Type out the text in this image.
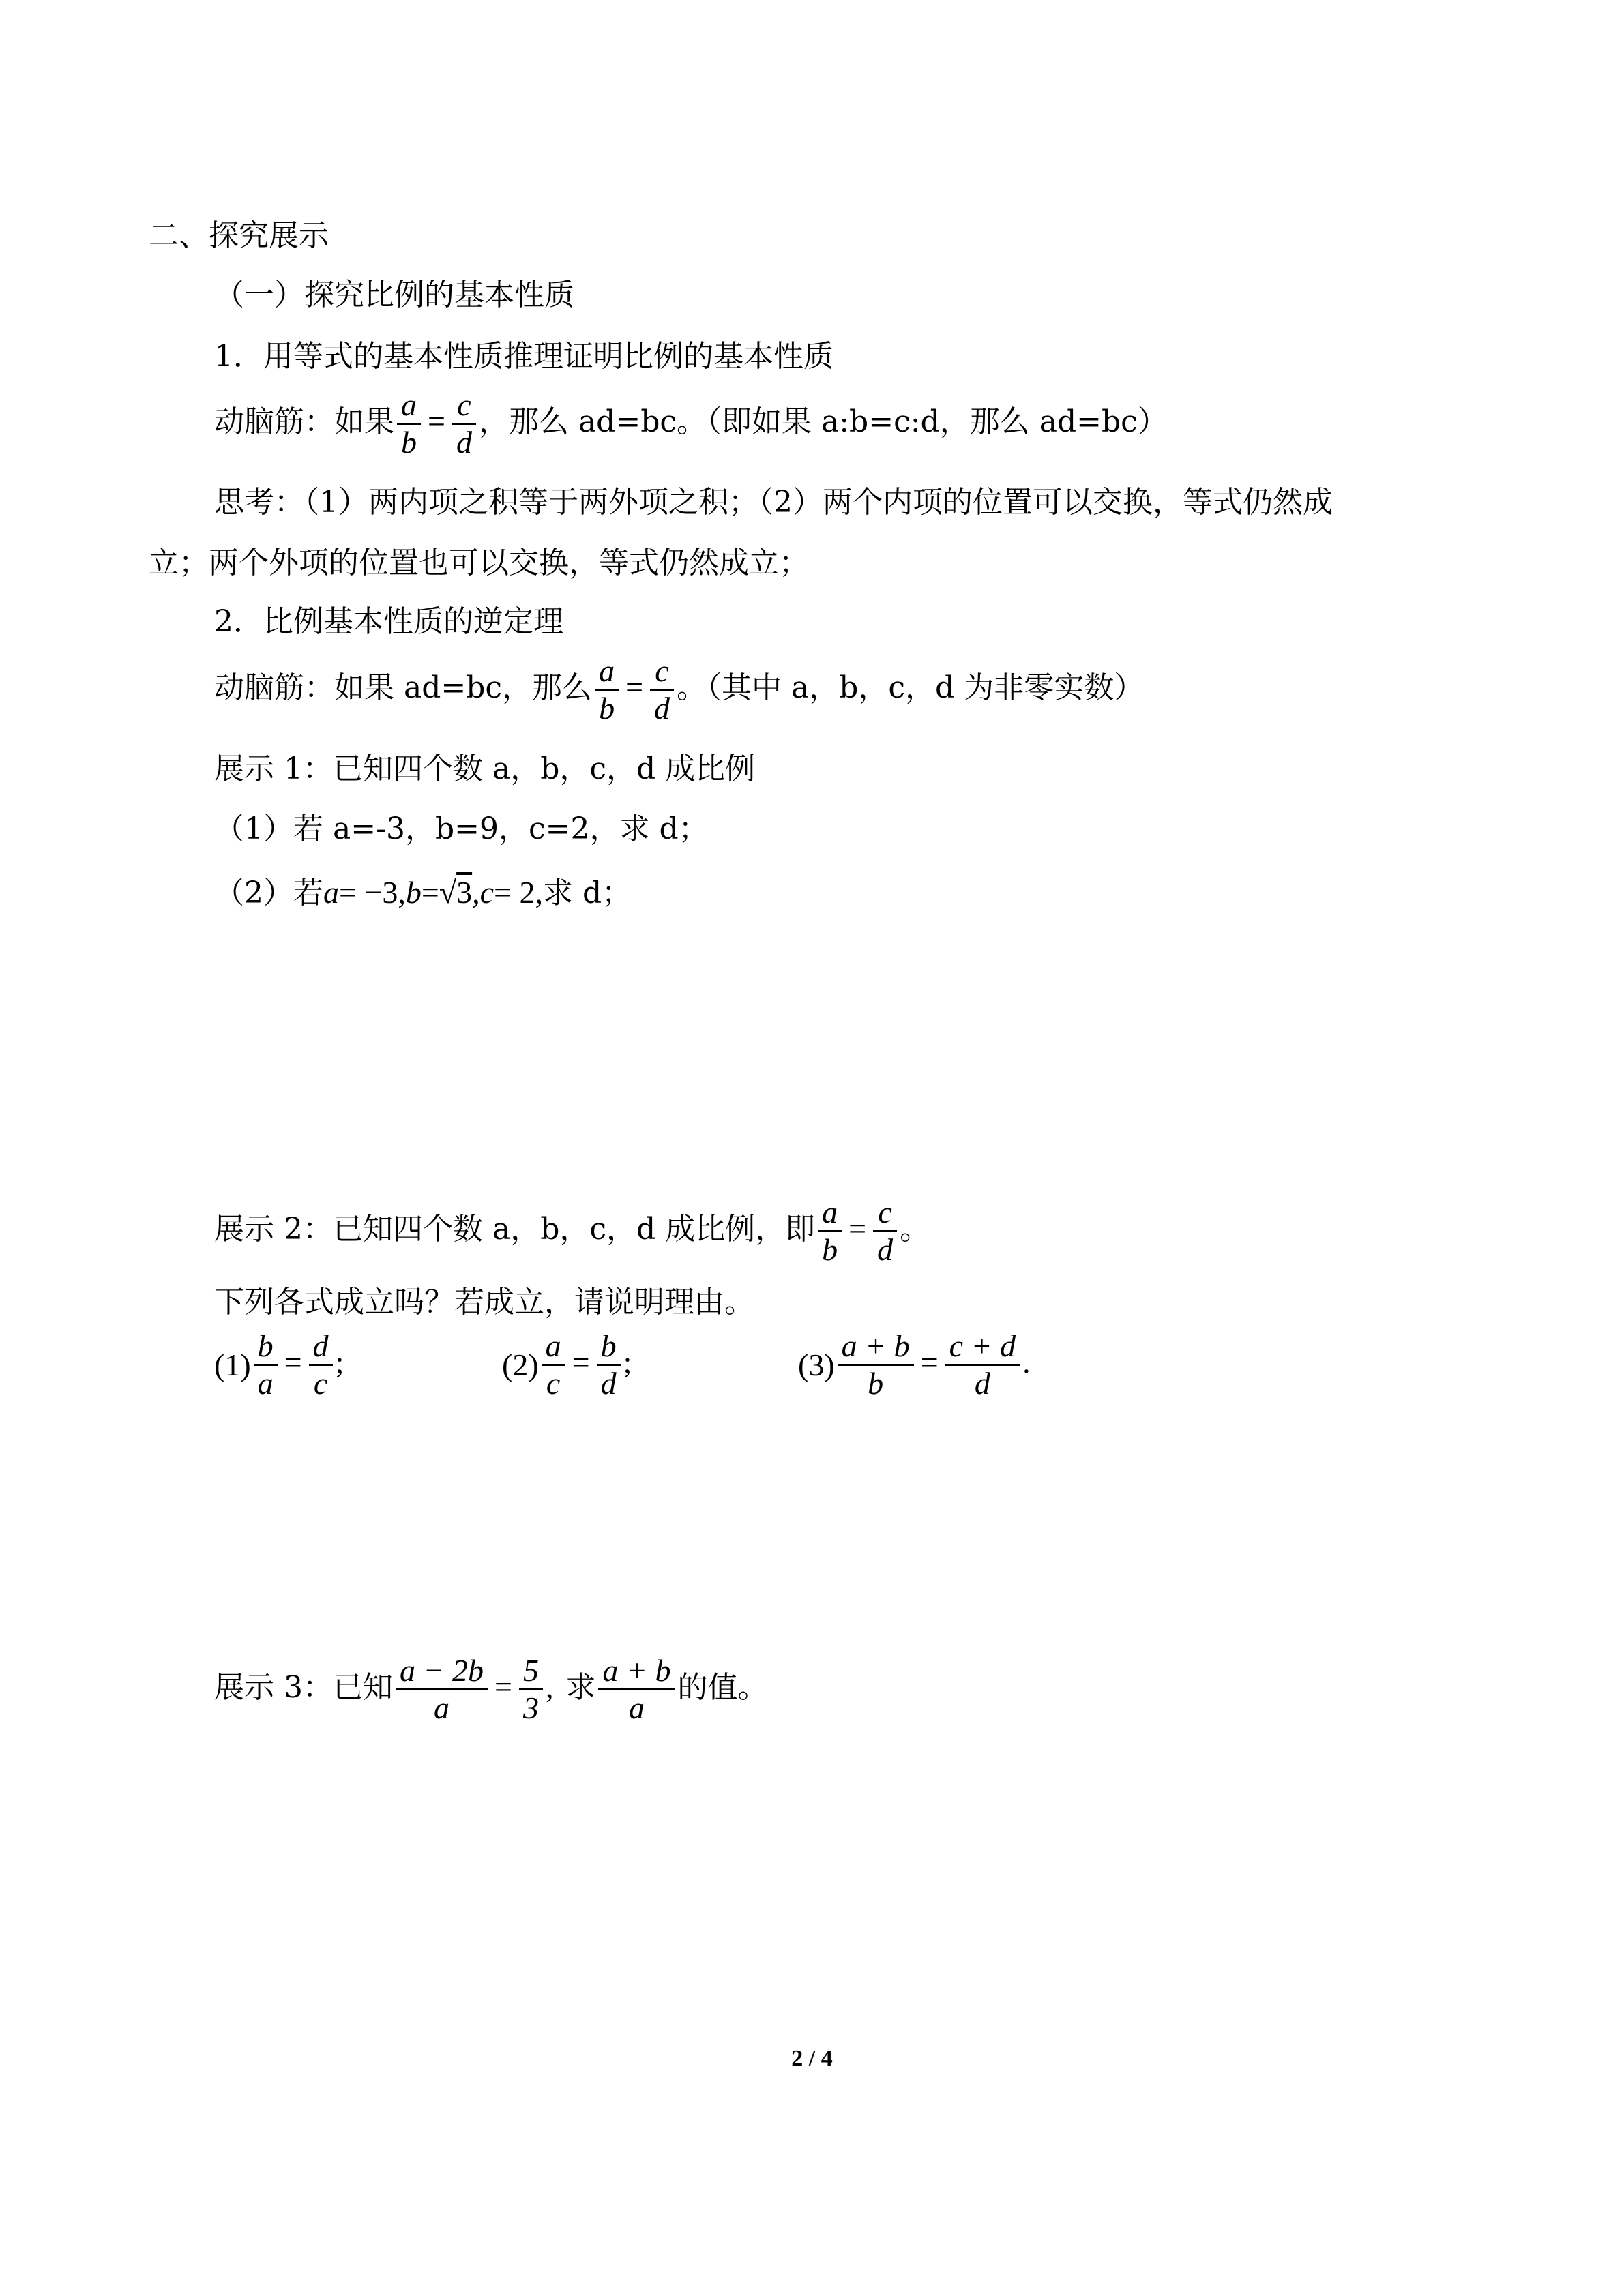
二、探究展示
（一）探究比例的基本性质
1．用等式的基本性质推理证明比例的基本性质
动脑筋：如果 $\frac{a}{b} = \frac{c}{d}$ ，那么 ad=bc。（即如果 a:b=c:d，那么 ad=bc）
思考：（1）两内项之积等于两外项之积；（2）两个内项的位置可以交换，等式仍然成
立；两个外项的位置也可以交换，等式仍然成立；
2．比例基本性质的逆定理
动脑筋：如果 ad=bc，那么 $\frac{a}{b} = \frac{c}{d}$ 。（其中 a，b，c，d 为非零实数）
展示 1：已知四个数 a，b，c，d 成比例
（1）若 a=-3，b=9，c=2，求 d；
（2）若a= −3,b=√3,c= 2,求 d；
展示 2：已知四个数 a，b，c，d 成比例，即 $\frac{a}{b} = \frac{c}{d}$ 。
下列各式成立吗？若成立，请说明理由。
$(1) \frac{b}{a} = \frac{d}{c}$ ;	$(2) \frac{a}{c} = \frac{b}{d}$ ;	$(3) \frac{a + b}{b} = \frac{c + d}{d}$ .
展示 3：已知 $\frac{a - 2b}{a} = \frac{5}{3}$ , 求 $\frac{a + b}{a}$ 的值。
2 / 4
